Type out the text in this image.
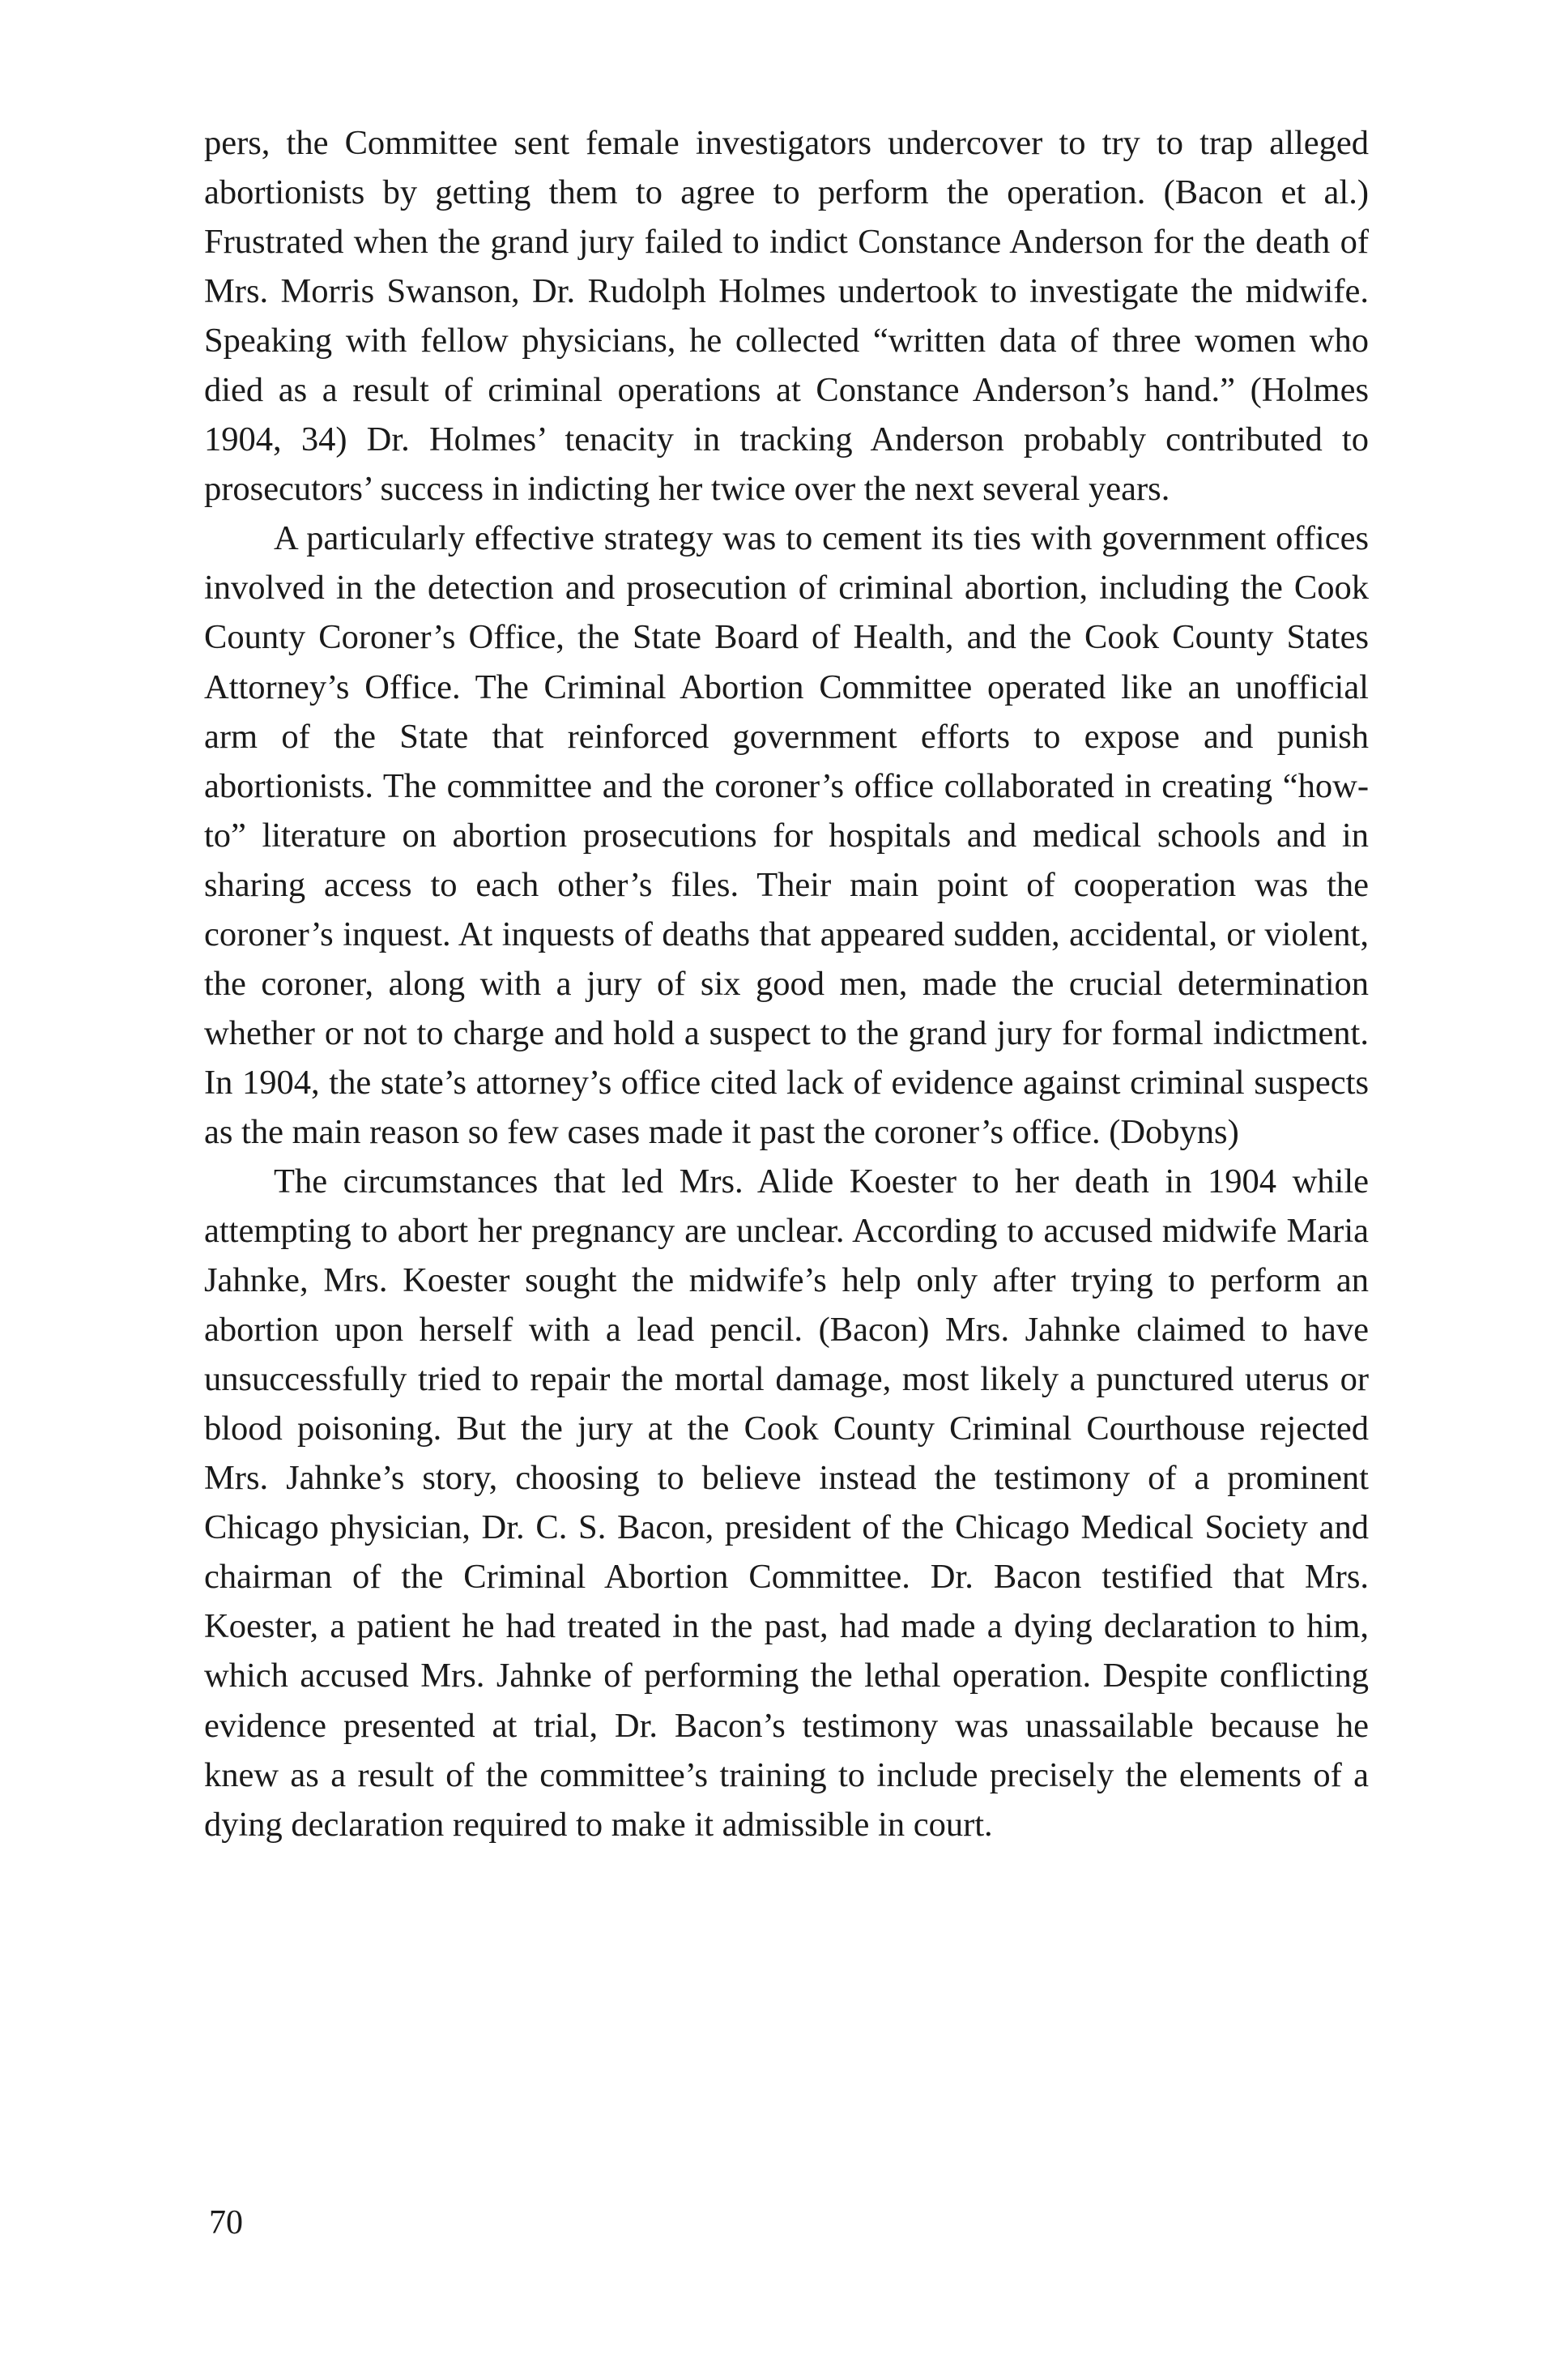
pers, the Committee sent female investigators undercover to try to trap alleged abortionists by getting them to agree to perform the operation. (Bacon et al.) Frustrated when the grand jury failed to indict Constance Anderson for the death of Mrs. Morris Swanson, Dr. Rudolph Holmes undertook to investigate the midwife. Speaking with fellow physicians, he collected “written data of three women who died as a result of criminal operations at Constance Anderson’s hand.” (Holmes 1904, 34) Dr. Holmes’ tenacity in tracking Anderson probably contributed to prosecutors’ success in indicting her twice over the next several years.

A particularly effective strategy was to cement its ties with government offices involved in the detection and prosecution of criminal abortion, including the Cook County Coroner’s Office, the State Board of Health, and the Cook County States Attorney’s Office. The Criminal Abortion Committee operated like an unofficial arm of the State that reinforced government efforts to expose and punish abortionists. The committee and the coroner’s office collaborated in creating “how-to” literature on abortion prosecutions for hospitals and medical schools and in sharing access to each other’s files. Their main point of cooperation was the coroner’s inquest. At inquests of deaths that appeared sudden, accidental, or violent, the coroner, along with a jury of six good men, made the crucial determination whether or not to charge and hold a suspect to the grand jury for formal indictment. In 1904, the state’s attorney’s office cited lack of evidence against criminal suspects as the main reason so few cases made it past the coroner’s office. (Dobyns)

The circumstances that led Mrs. Alide Koester to her death in 1904 while attempting to abort her pregnancy are unclear. According to accused midwife Maria Jahnke, Mrs. Koester sought the midwife’s help only after trying to perform an abortion upon herself with a lead pencil. (Bacon) Mrs. Jahnke claimed to have unsuccessfully tried to repair the mortal damage, most likely a punctured uterus or blood poisoning. But the jury at the Cook County Criminal Courthouse rejected Mrs. Jahnke’s story, choosing to believe instead the testimony of a prominent Chicago physician, Dr. C. S. Bacon, president of the Chicago Medical Society and chairman of the Criminal Abortion Committee. Dr. Bacon testified that Mrs. Koester, a patient he had treated in the past, had made a dying declaration to him, which accused Mrs. Jahnke of performing the lethal operation. Despite conflicting evidence presented at trial, Dr. Bacon’s testimony was unassailable because he knew as a result of the committee’s training to include precisely the elements of a dying declaration required to make it admissible in court.

70
